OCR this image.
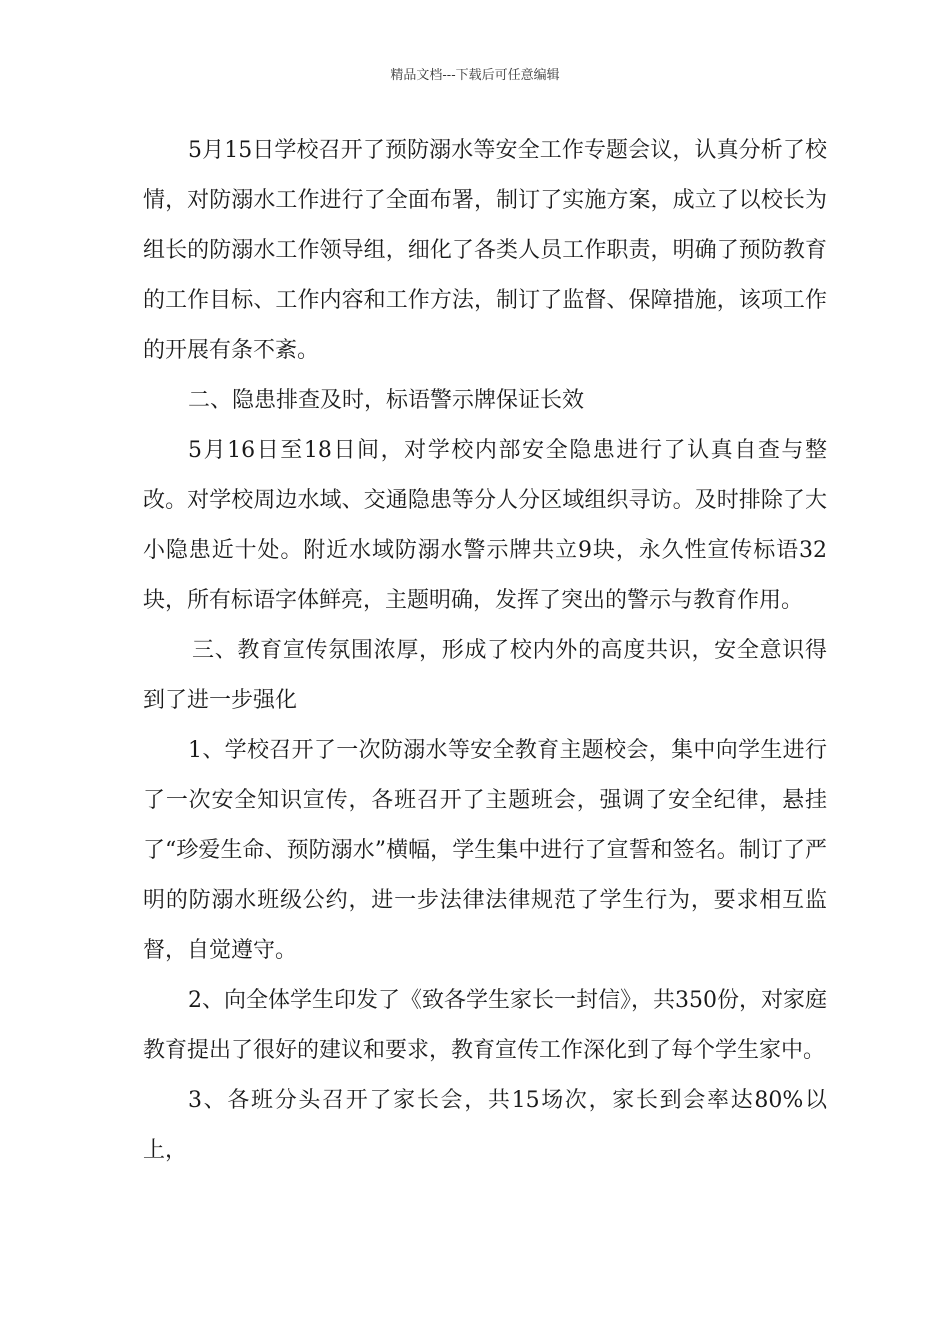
精品文档---下载后可任意编辑

5月15日学校召开了预防溺水等安全工作专题会议，认真分析了校情，对防溺水工作进行了全面布署，制订了实施方案，成立了以校长为组长的防溺水工作领导组，细化了各类人员工作职责，明确了预防教育的工作目标、工作内容和工作方法，制订了监督、保障措施，该项工作的开展有条不紊。

二、隐患排查及时，标语警示牌保证长效

5月16日至18日间，对学校内部安全隐患进行了认真自查与整改。对学校周边水域、交通隐患等分人分区域组织寻访。及时排除了大小隐患近十处。附近水域防溺水警示牌共立9块，永久性宣传标语32块，所有标语字体鲜亮，主题明确，发挥了突出的警示与教育作用。

三、教育宣传氛围浓厚，形成了校内外的高度共识，安全意识得到了进一步强化

1、学校召开了一次防溺水等安全教育主题校会，集中向学生进行了一次安全知识宣传，各班召开了主题班会，强调了安全纪律，悬挂了“珍爱生命、预防溺水”横幅，学生集中进行了宣誓和签名。制订了严明的防溺水班级公约，进一步法律法律规范了学生行为，要求相互监督，自觉遵守。

2、向全体学生印发了《致各学生家长一封信》，共350份，对家庭教育提出了很好的建议和要求，教育宣传工作深化到了每个学生家中。

3、各班分头召开了家长会，共15场次，家长到会率达80%以上，
